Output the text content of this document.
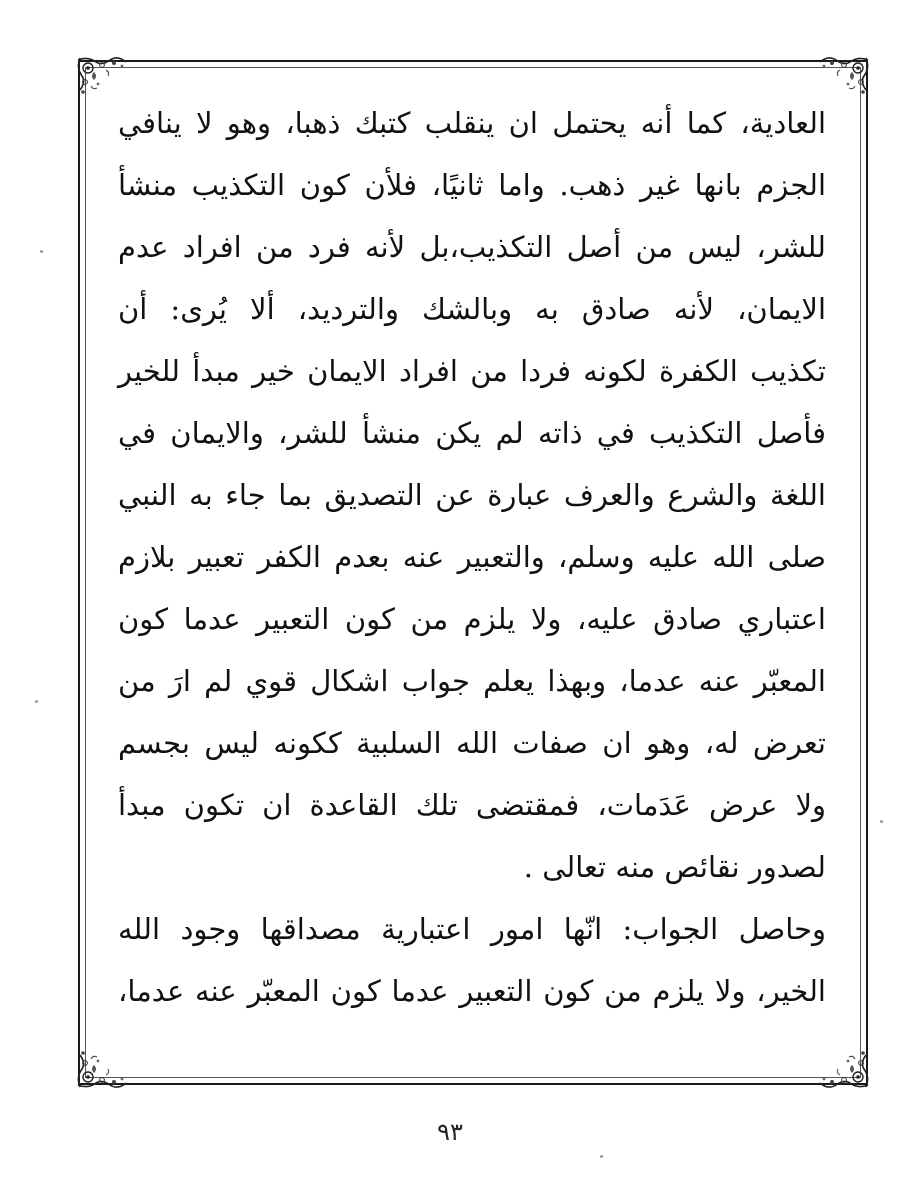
العادية، كما أنه يحتمل ان ينقلب كتبك ذهبا، وهو لا ينافي
الجزم بانها غير ذهب. واما ثانيًا، فلأن كون التكذيب منشأ
للشر، ليس من أصل التكذيب،بل لأنه فرد من افراد عدم
الايمان، لأنه صادق به وبالشك والترديد، ألا يُرى: أن
تكذيب الكفرة لكونه فردا من افراد الايمان خير مبدأ للخير
فأصل التكذيب في ذاته لم يكن منشأ للشر، والايمان في
اللغة والشرع والعرف عبارة عن التصديق بما جاء به النبي
صلى الله عليه وسلم، والتعبير عنه بعدم الكفر تعبير بلازم
اعتباري صادق عليه، ولا يلزم من كون التعبير عدما كون
المعبّر عنه عدما، وبهذا يعلم جواب اشكال قوي لم ارَ من
تعرض له، وهو ان صفات الله السلبية ككونه ليس بجسم
ولا عرض عَدَمات، فمقتضى تلك القاعدة ان تكون مبدأ
لصدور نقائص منه تعالى .
وحاصل الجواب: انّها امور اعتبارية مصداقها وجود الله
الخير، ولا يلزم من كون التعبير عدما كون المعبّر عنه عدما،
٩٣
